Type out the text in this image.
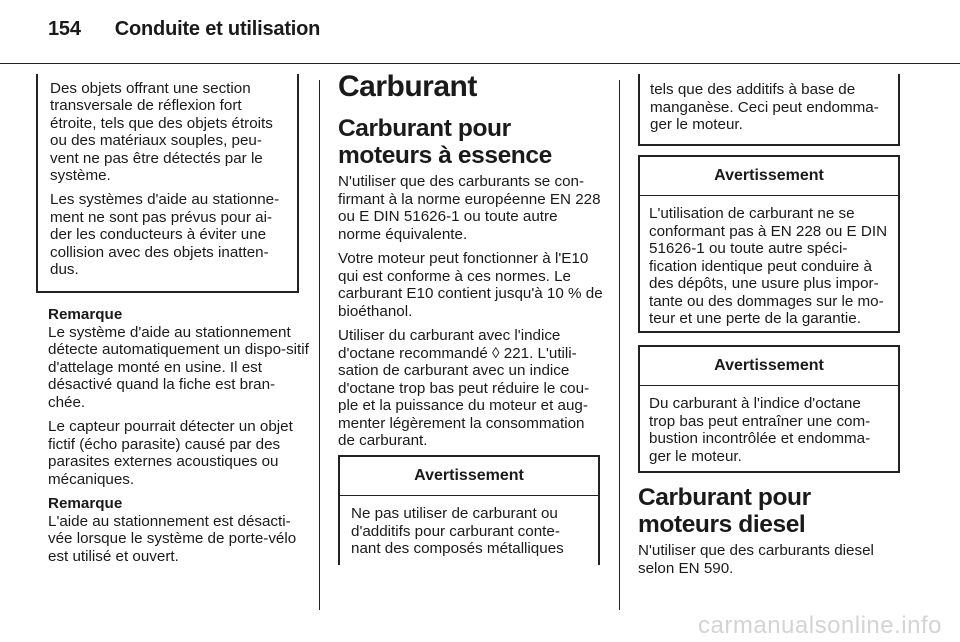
154 Conduite et utilisation

Des objets offrant une section transversale de réflexion fort étroite, tels que des objets étroits ou des matériaux souples, peu-vent ne pas être détectés par le système.

Les systèmes d'aide au stationne-ment ne sont pas prévus pour ai-der les conducteurs à éviter une collision avec des objets inatten-dus.

Remarque

Le système d'aide au stationnement détecte automatiquement un dispo-sitif d'attelage monté en usine. Il est désactivé quand la fiche est bran-chée.

Le capteur pourrait détecter un objet fictif (écho parasite) causé par des parasites externes acoustiques ou mécaniques.

Remarque

L'aide au stationnement est désacti-vée lorsque le système de porte-vélo est utilisé et ouvert.

Carburant
Carburant pour moteurs à essence

N'utiliser que des carburants se con-firmant à la norme européenne EN 228 ou E DIN 51626-1 ou toute autre norme équivalente.

Votre moteur peut fonctionner à l'E10 qui est conforme à ces normes. Le carburant E10 contient jusqu'à 10 % de bioéthanol.

Utiliser du carburant avec l'indice d'octane recommandé ◊ 221. L'utili-sation de carburant avec un indice d'octane trop bas peut réduire le cou-ple et la puissance du moteur et aug-menter légèrement la consommation de carburant.

Avertissement
Ne pas utiliser de carburant ou d'additifs pour carburant conte-nant des composés métalliques
tels que des additifs à base de manganèse. Ceci peut endomma-ger le moteur.
Avertissement
L'utilisation de carburant ne se conformant pas à EN 228 ou E DIN 51626-1 ou toute autre spéci-fication identique peut conduire à des dépôts, une usure plus impor-tante ou des dommages sur le mo-teur et une perte de la garantie.
Avertissement
Du carburant à l'indice d'octane trop bas peut entraîner une com-bustion incontrôlée et endomma-ger le moteur.
Carburant pour moteurs diesel

N'utiliser que des carburants diesel selon EN 590.

carmanualsonline.info
